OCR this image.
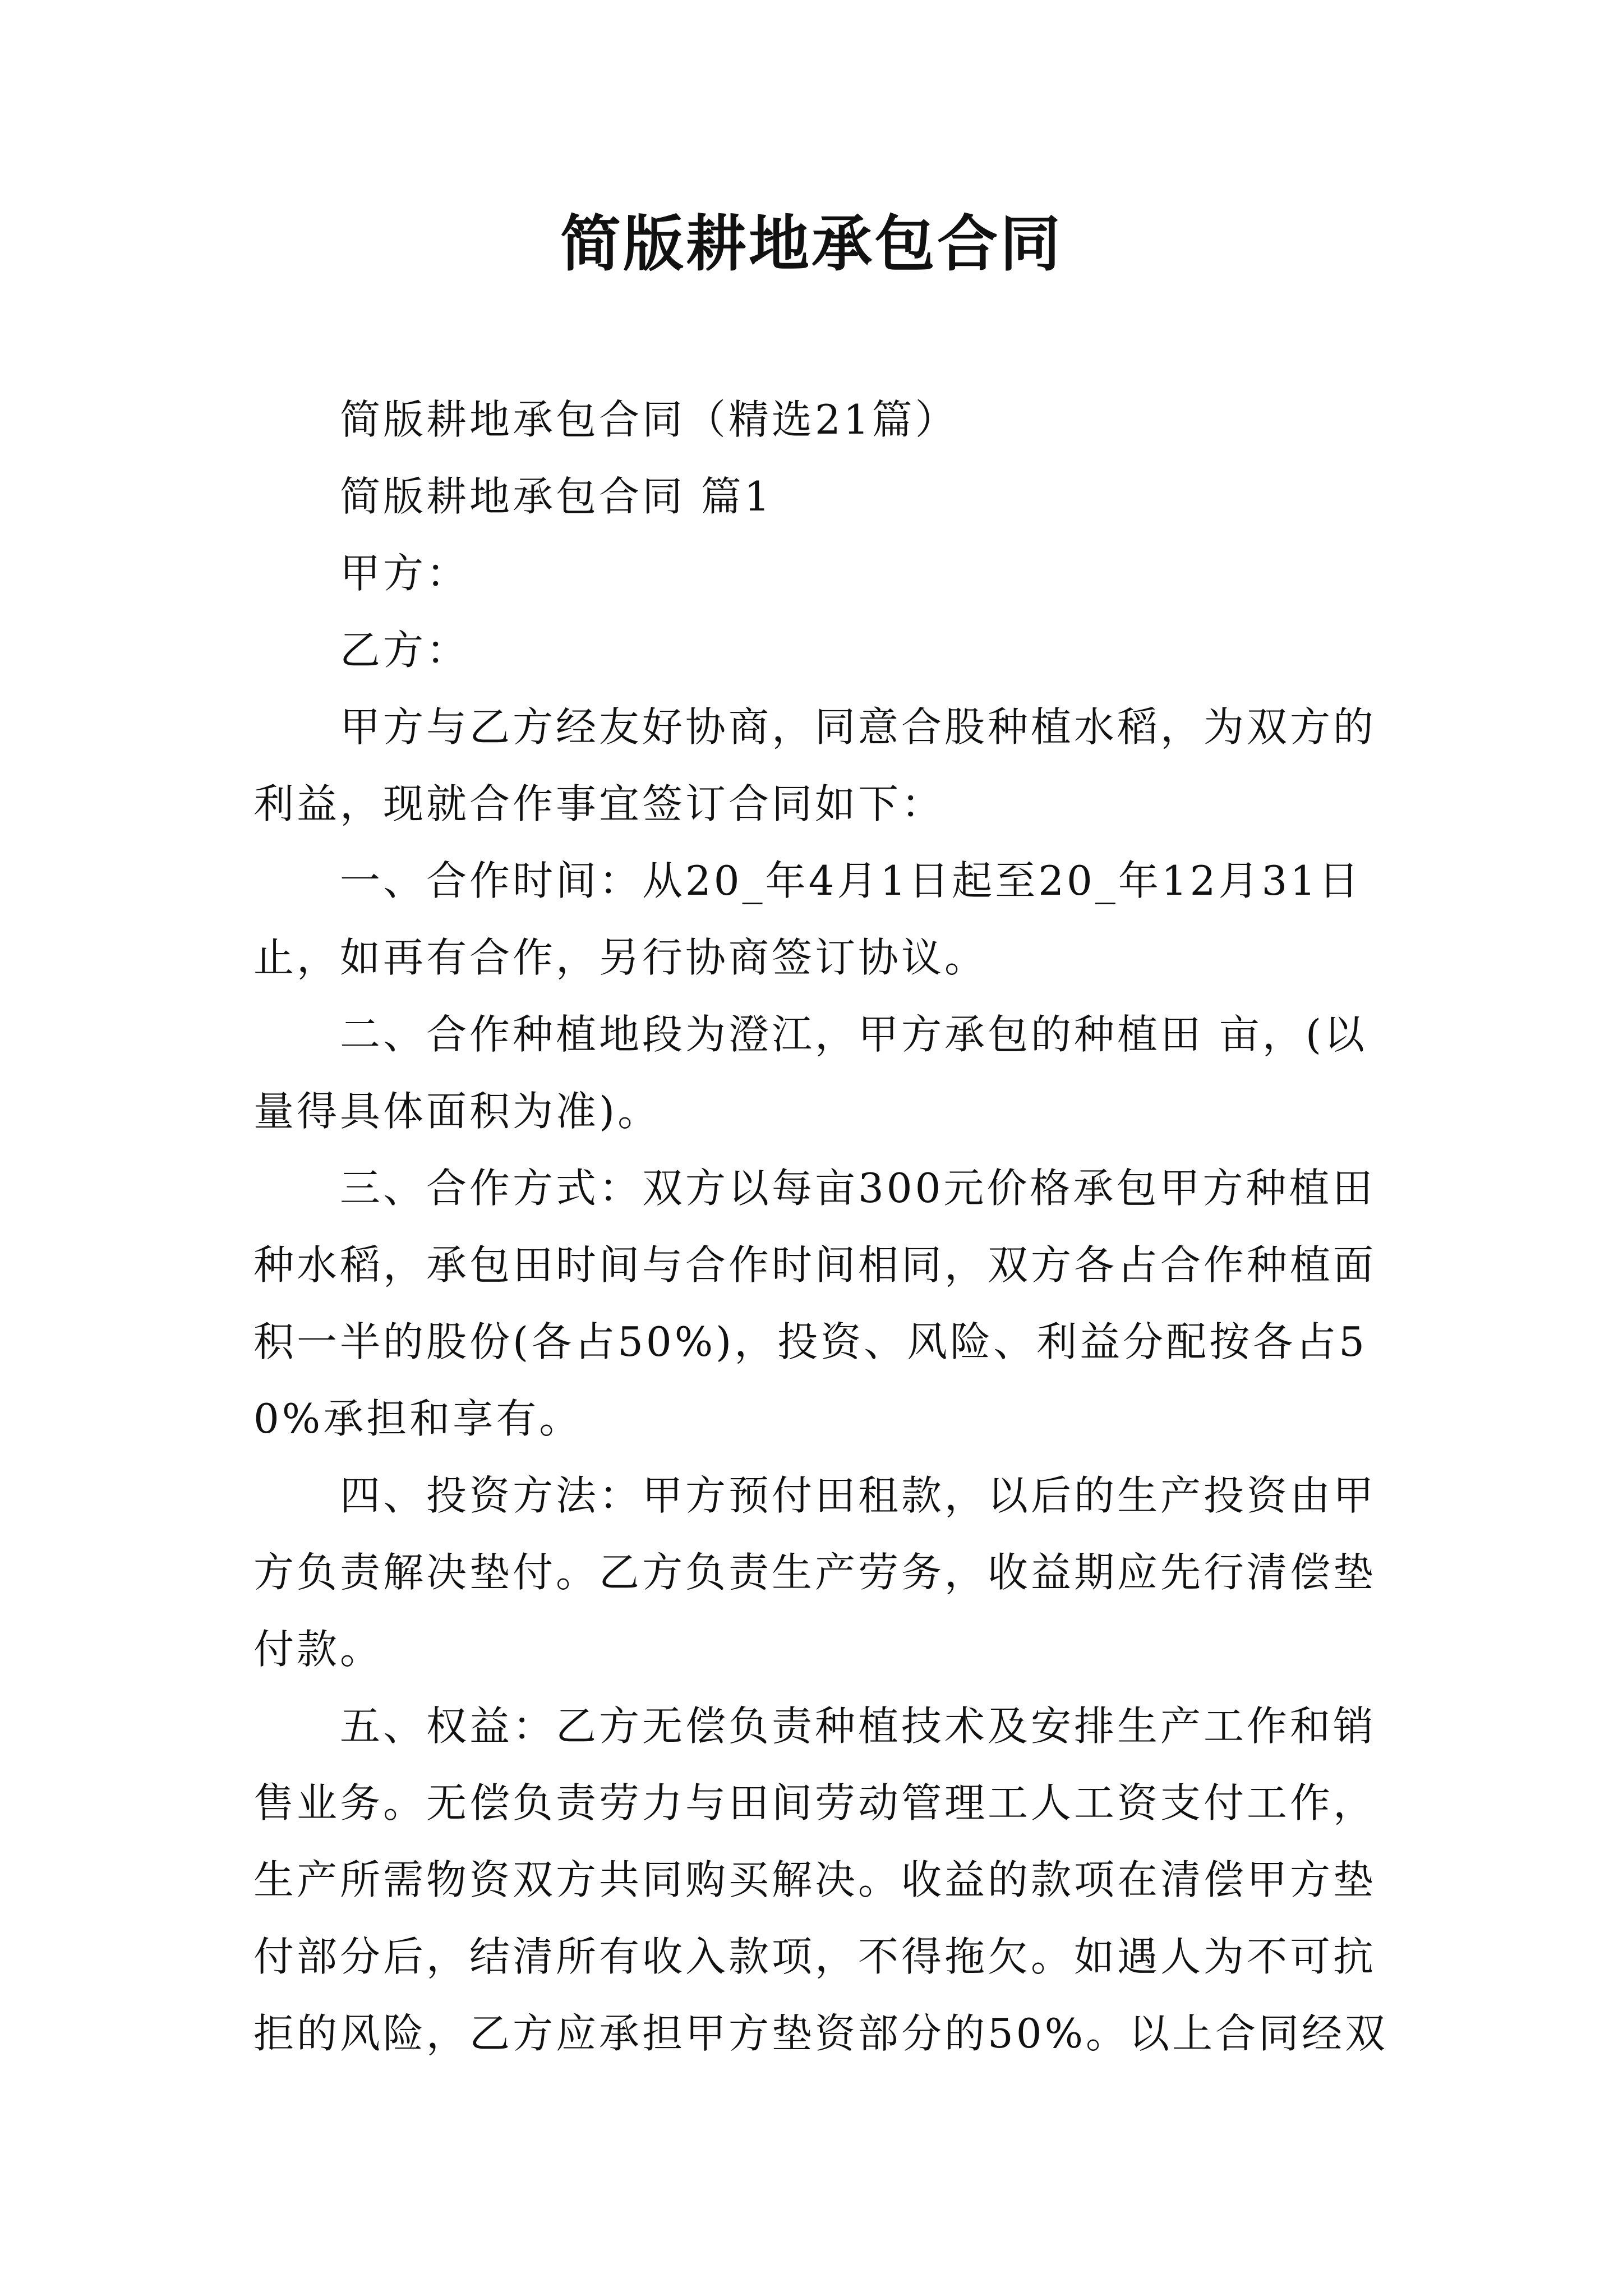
简版耕地承包合同

简版耕地承包合同（精选21篇）

简版耕地承包合同 篇1

甲方：

乙方：

甲方与乙方经友好协商，同意合股种植水稻，为双方的利益，现就合作事宜签订合同如下：

一、合作时间：从20_年4月1日起至20_年12月31日止，如再有合作，另行协商签订协议。

二、合作种植地段为澄江，甲方承包的种植田 亩，(以量得具体面积为准)。

三、合作方式：双方以每亩300元价格承包甲方种植田种水稻，承包田时间与合作时间相同，双方各占合作种植面积一半的股份(各占50%)，投资、风险、利益分配按各占50%承担和享有。

四、投资方法：甲方预付田租款，以后的生产投资由甲方负责解决垫付。乙方负责生产劳务，收益期应先行清偿垫付款。

五、权益：乙方无偿负责种植技术及安排生产工作和销售业务。无偿负责劳力与田间劳动管理工人工资支付工作，生产所需物资双方共同购买解决。收益的款项在清偿甲方垫付部分后，结清所有收入款项，不得拖欠。如遇人为不可抗拒的风险，乙方应承担甲方垫资部分的50%。以上合同经双
